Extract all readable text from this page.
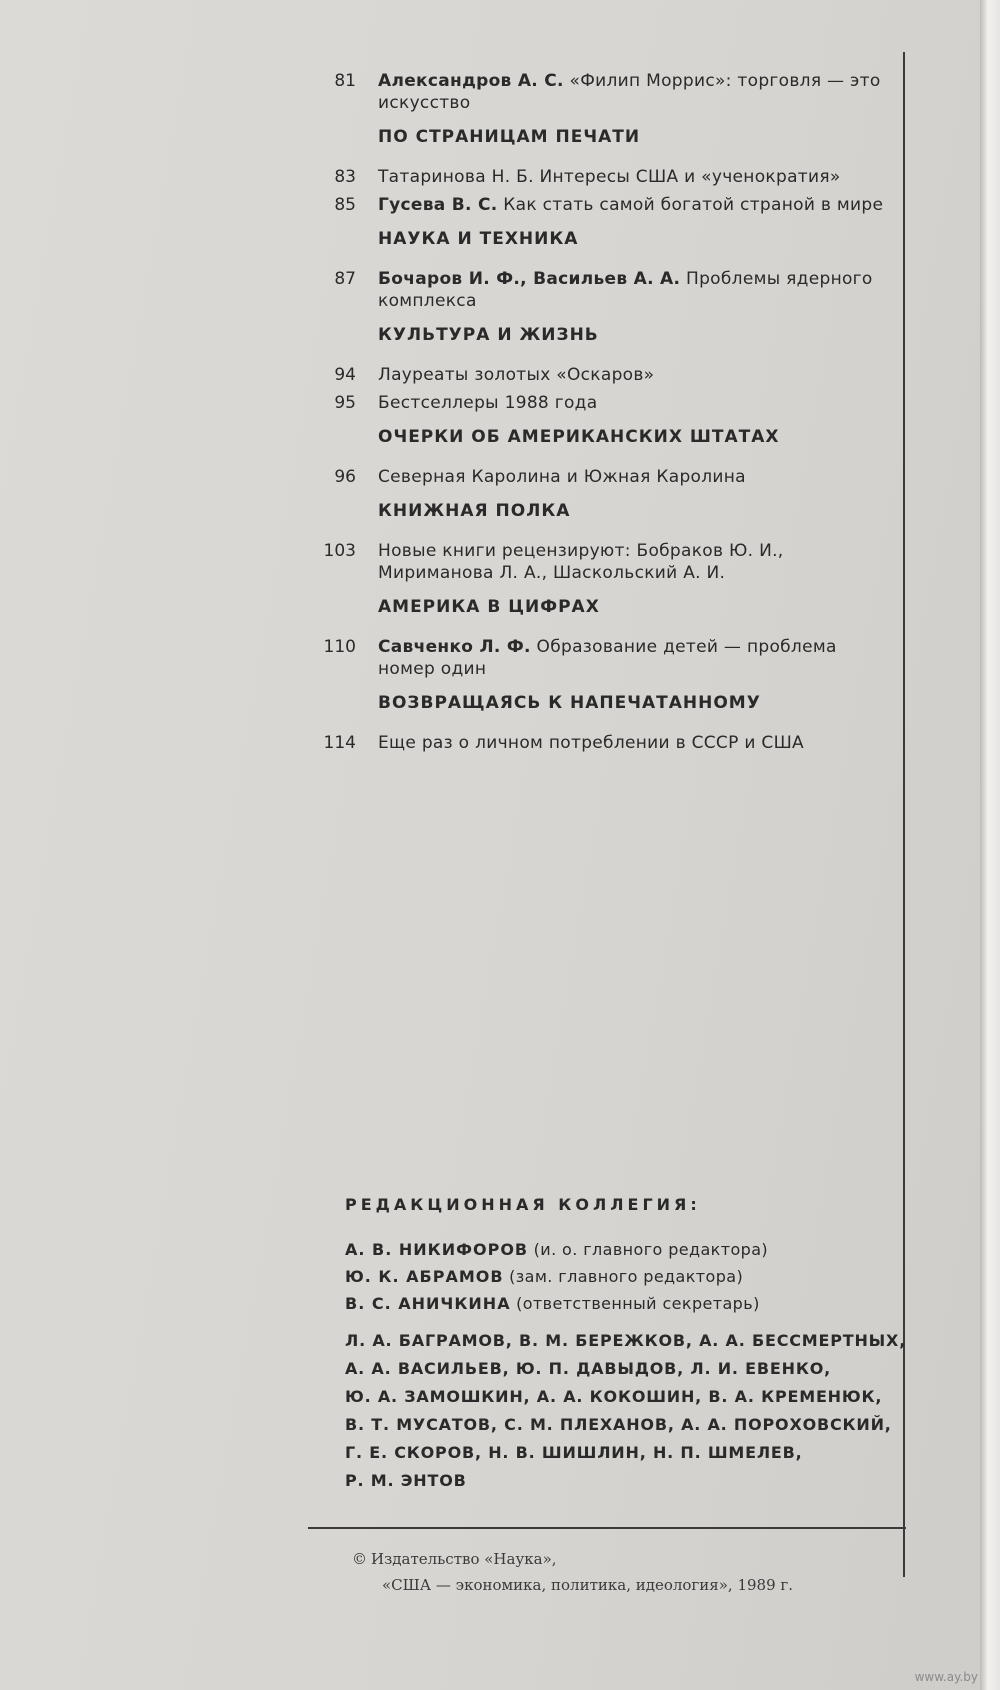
81	Александров А. С. «Филип Моррис»: торговля — это искусство
ПО СТРАНИЦАМ ПЕЧАТИ
83	Татаринова Н. Б. Интересы США и «ученократия»
85	Гусева В. С. Как стать самой богатой страной в мире
НАУКА И ТЕХНИКА
87	Бочаров И. Ф., Васильев А. А. Проблемы ядерного комплекса
КУЛЬТУРА И ЖИЗНЬ
94	Лауреаты золотых «Оскаров»
95	Бестселлеры 1988 года
ОЧЕРКИ ОБ АМЕРИКАНСКИХ ШТАТАХ
96	Северная Каролина и Южная Каролина
КНИЖНАЯ ПОЛКА
103	Новые книги рецензируют: Бобраков Ю. И., Мириманова Л. А., Шаскольский А. И.
АМЕРИКА В ЦИФРАХ
110	Савченко Л. Ф. Образование детей — проблема номер один
ВОЗВРАЩАЯСЬ К НАПЕЧАТАННОМУ
114	Еще раз о личном потреблении в СССР и США
РЕДАКЦИОННАЯ КОЛЛЕГИЯ:
А. В. НИКИФОРОВ (и. о. главного редактора)
Ю. К. АБРАМОВ (зам. главного редактора)
В. С. АНИЧКИНА (ответственный секретарь)
Л. А. БАГРАМОВ, В. М. БЕРЕЖКОВ, А. А. БЕССМЕРТНЫХ,
А. А. ВАСИЛЬЕВ, Ю. П. ДАВЫДОВ, Л. И. ЕВЕНКО,
Ю. А. ЗАМОШКИН, А. А. КОКОШИН, В. А. КРЕМЕНЮК,
В. Т. МУСАТОВ, С. М. ПЛЕХАНОВ, А. А. ПОРОХОВСКИЙ,
Г. Е. СКОРОВ, Н. В. ШИШЛИН, Н. П. ШМЕЛЕВ,
Р. М. ЭНТОВ
© Издательство «Наука»,
«США — экономика, политика, идеология», 1989 г.
www.ay.by
